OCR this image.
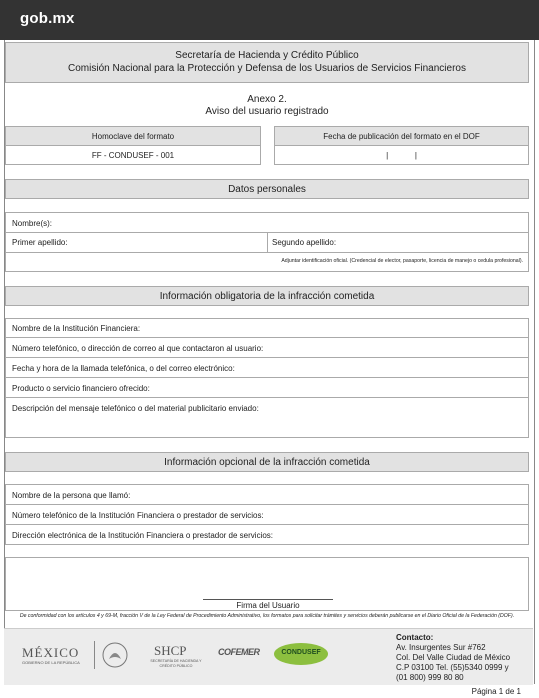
gob.mx
Secretaría de Hacienda y Crédito Público
Comisión Nacional para la Protección y Defensa de los Usuarios de Servicios Financieros
Anexo 2.
Aviso del usuario registrado
Homoclave del formato
FF - CONDUSEF - 001
Fecha de publicación del formato en el DOF
|            |
Datos personales
Nombre(s):
Primer apellido:	Segundo apellido:
Adjuntar identificación oficial. (Credencial de elector, pasaporte, licencia de manejo o cedula profesional).
Información obligatoria de la infracción cometida
Nombre de la Institución Financiera:
Número telefónico, o dirección de correo al que contactaron al usuario:
Fecha y hora de la llamada telefónica, o del correo electrónico:
Producto o servicio financiero ofrecido:
Descripción del mensaje telefónico o del material publicitario enviado:
Información opcional de la infracción cometida
Nombre de la persona que llamó:
Número telefónico de la Institución Financiera o prestador de servicios:
Dirección electrónica de la Institución Financiera o prestador de servicios:
Firma del Usuario
De conformidad con los artículos 4 y 69-M, fracción V de la Ley Federal de Procedimiento Administrativo, los formatos para solicitar trámites y servicios deberán publicarse en el Diario Oficial de la Federación (DOF).
MÉXICO
GOBIERNO DE LA REPÚBLICA
SHCP
SECRETARÍA DE HACIENDA Y CRÉDITO PÚBLICO
COFEMER	CONDUSEF
Contacto:
Av. Insurgentes Sur #762
Col. Del Valle Ciudad de México
C.P 03100 Tel. (55)5340 0999 y
(01 800) 999 80 80
Página 1 de 1
